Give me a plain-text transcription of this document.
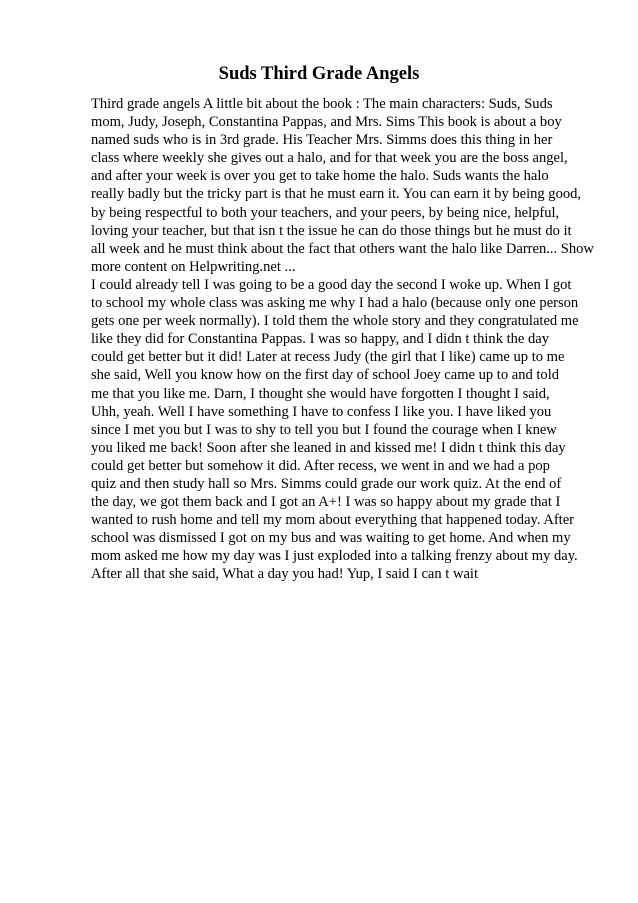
Suds Third Grade Angels
Third grade angels A little bit about the book : The main characters: Suds, Suds
mom, Judy, Joseph, Constantina Pappas, and Mrs. Sims This book is about a boy
named suds who is in 3rd grade. His Teacher Mrs. Simms does this thing in her
class where weekly she gives out a halo, and for that week you are the boss angel,
and after your week is over you get to take home the halo. Suds wants the halo
really badly but the tricky part is that he must earn it. You can earn it by being good,
by being respectful to both your teachers, and your peers, by being nice, helpful,
loving your teacher, but that isn t the issue he can do those things but he must do it
all week and he must think about the fact that others want the halo like Darren... Show
more content on Helpwriting.net ...
I could already tell I was going to be a good day the second I woke up. When I got
to school my whole class was asking me why I had a halo (because only one person
gets one per week normally). I told them the whole story and they congratulated me
like they did for Constantina Pappas. I was so happy, and I didn t think the day
could get better but it did! Later at recess Judy (the girl that I like) came up to me
she said, Well you know how on the first day of school Joey came up to and told
me that you like me. Darn, I thought she would have forgotten I thought I said,
Uhh, yeah. Well I have something I have to confess I like you. I have liked you
since I met you but I was to shy to tell you but I found the courage when I knew
you liked me back! Soon after she leaned in and kissed me! I didn t think this day
could get better but somehow it did. After recess, we went in and we had a pop
quiz and then study hall so Mrs. Simms could grade our work quiz. At the end of
the day, we got them back and I got an A+! I was so happy about my grade that I
wanted to rush home and tell my mom about everything that happened today. After
school was dismissed I got on my bus and was waiting to get home. And when my
mom asked me how my day was I just exploded into a talking frenzy about my day.
After all that she said, What a day you had! Yup, I said I can t wait
